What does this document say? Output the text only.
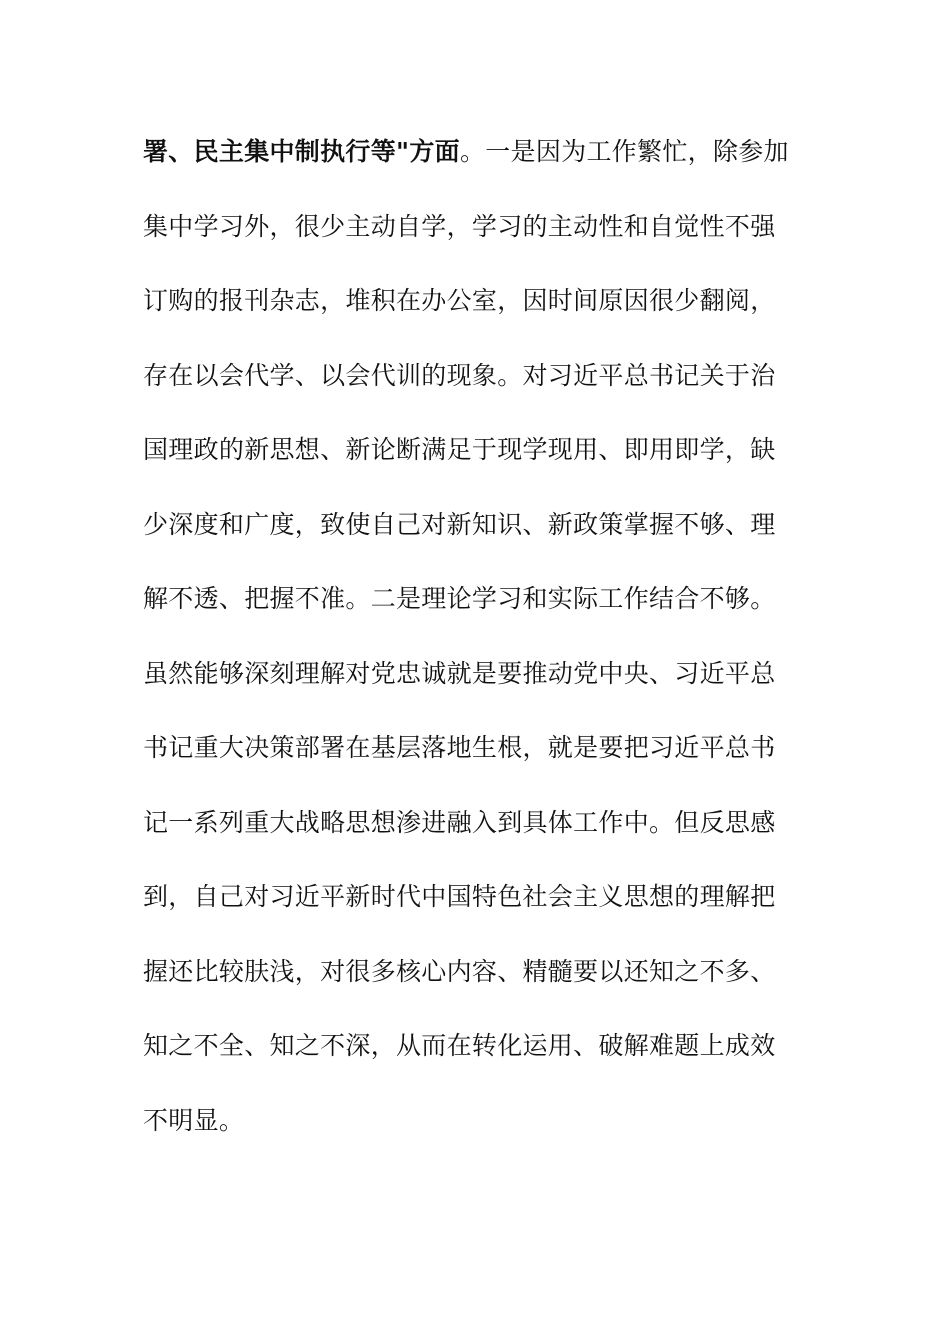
署、民主集中制执行等"方面。一是因为工作繁忙，除参加
集中学习外，很少主动自学，学习的主动性和自觉性不强
订购的报刊杂志，堆积在办公室，因时间原因很少翻阅，
存在以会代学、以会代训的现象。对习近平总书记关于治
国理政的新思想、新论断满足于现学现用、即用即学，缺
少深度和广度，致使自己对新知识、新政策掌握不够、理
解不透、把握不准。二是理论学习和实际工作结合不够。
虽然能够深刻理解对党忠诚就是要推动党中央、习近平总
书记重大决策部署在基层落地生根，就是要把习近平总书
记一系列重大战略思想渗进融入到具体工作中。但反思感
到，自己对习近平新时代中国特色社会主义思想的理解把
握还比较肤浅，对很多核心内容、精髓要以还知之不多、
知之不全、知之不深，从而在转化运用、破解难题上成效
不明显。
